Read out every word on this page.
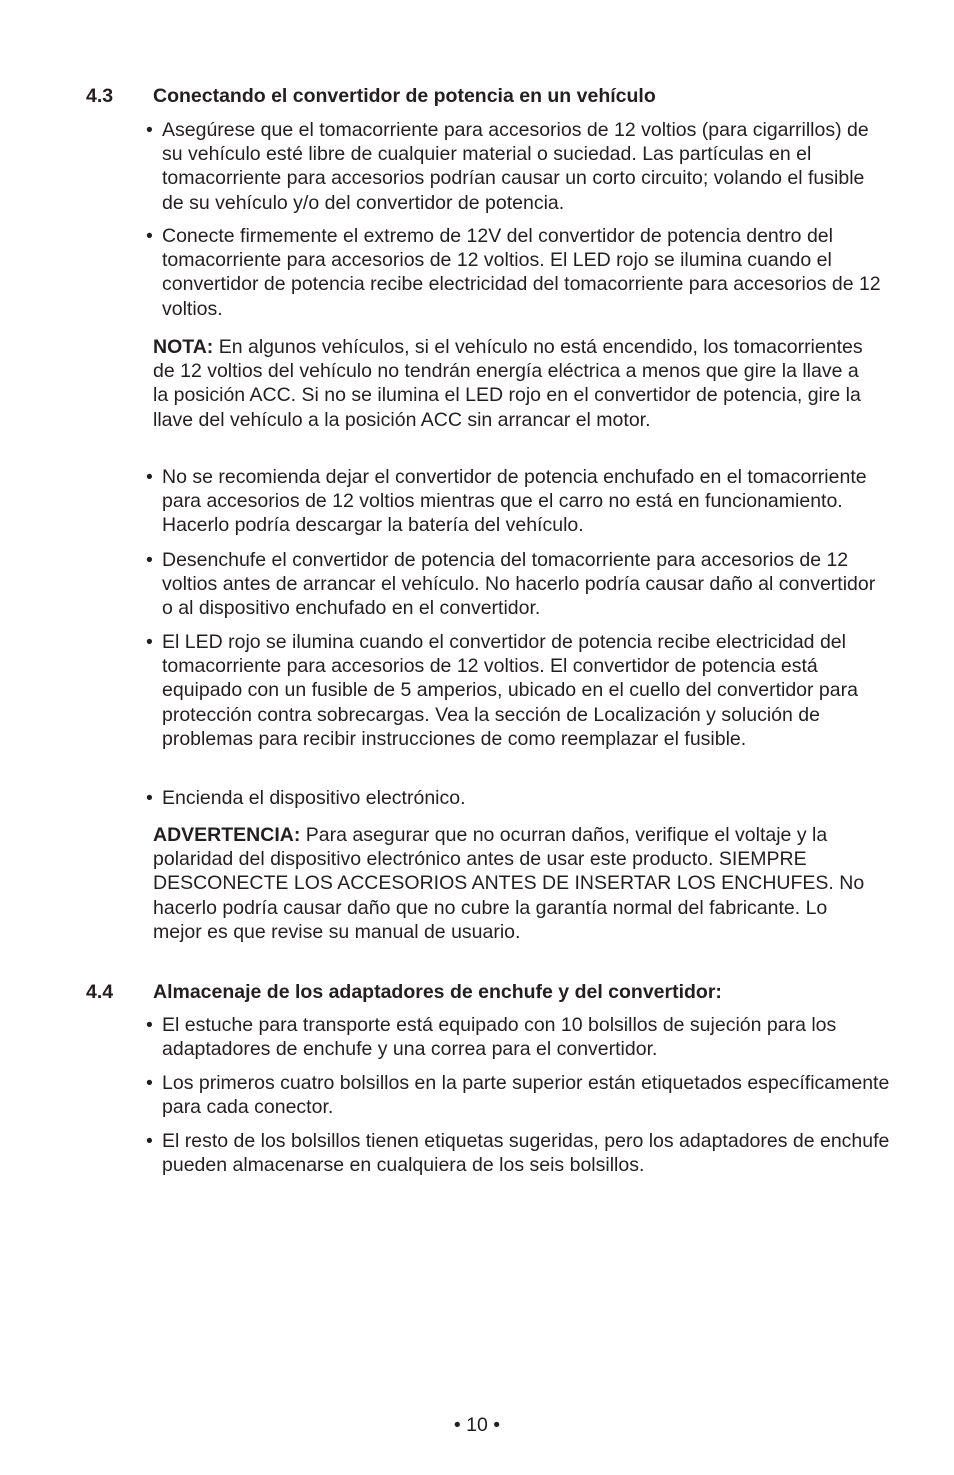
4.3 Conectando el convertidor de potencia en un vehículo
• Asegúrese que el tomacorriente para accesorios de 12 voltios (para cigarrillos) de su vehículo esté libre de cualquier material o suciedad. Las partículas en el tomacorriente para accesorios podrían causar un corto circuito; volando el fusible de su vehículo y/o del convertidor de potencia.
• Conecte firmemente el extremo de 12V del convertidor de potencia dentro del tomacorriente para accesorios de 12 voltios. El LED rojo se ilumina cuando el convertidor de potencia recibe electricidad del tomacorriente para accesorios de 12 voltios.
NOTA: En algunos vehículos, si el vehículo no está encendido, los tomacorrientes de 12 voltios del vehículo no tendrán energía eléctrica a menos que gire la llave a la posición ACC. Si no se ilumina el LED rojo en el convertidor de potencia, gire la llave del vehículo a la posición ACC sin arrancar el motor.
• No se recomienda dejar el convertidor de potencia enchufado en el tomacorriente para accesorios de 12 voltios mientras que el carro no está en funcionamiento. Hacerlo podría descargar la batería del vehículo.
• Desenchufe el convertidor de potencia del tomacorriente para accesorios de 12 voltios antes de arrancar el vehículo. No hacerlo podría causar daño al convertidor o al dispositivo enchufado en el convertidor.
• El LED rojo se ilumina cuando el convertidor de potencia recibe electricidad del tomacorriente para accesorios de 12 voltios. El convertidor de potencia está equipado con un fusible de 5 amperios, ubicado en el cuello del convertidor para protección contra sobrecargas. Vea la sección de Localización y solución de problemas para recibir instrucciones de como reemplazar el fusible.
• Encienda el dispositivo electrónico.
ADVERTENCIA: Para asegurar que no ocurran daños, verifique el voltaje y la polaridad del dispositivo electrónico antes de usar este producto. SIEMPRE DESCONECTE LOS ACCESORIOS ANTES DE INSERTAR LOS ENCHUFES. No hacerlo podría causar daño que no cubre la garantía normal del fabricante. Lo mejor es que revise su manual de usuario.
4.4 Almacenaje de los adaptadores de enchufe y del convertidor:
• El estuche para transporte está equipado con 10 bolsillos de sujeción para los adaptadores de enchufe y una correa para el convertidor.
• Los primeros cuatro bolsillos en la parte superior están etiquetados específicamente para cada conector.
• El resto de los bolsillos tienen etiquetas sugeridas, pero los adaptadores de enchufe pueden almacenarse en cualquiera de los seis bolsillos.
• 10 •
